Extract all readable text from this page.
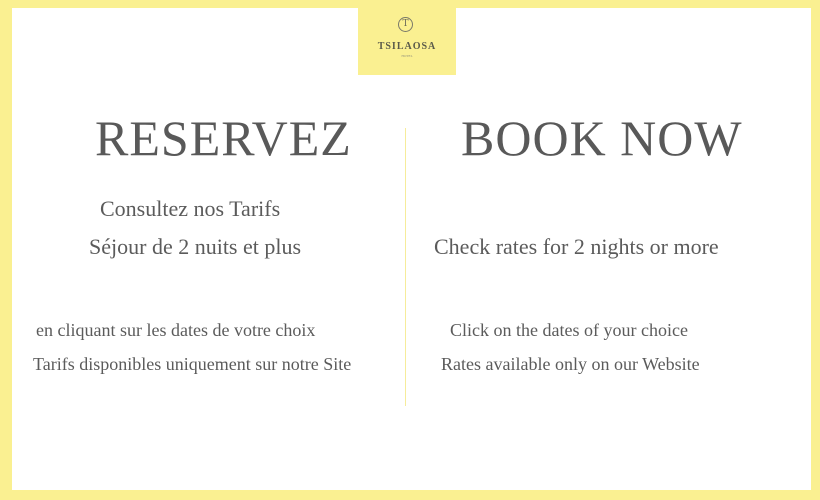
T
TSILAOSA
HOTEL
RESERVEZ
Consultez nos Tarifs
Séjour de 2 nuits et plus
en cliquant sur les dates de votre choix
Tarifs disponibles uniquement sur notre Site
BOOK NOW
Check rates for 2 nights or more
Click on the dates of your choice
Rates available only on our Website
